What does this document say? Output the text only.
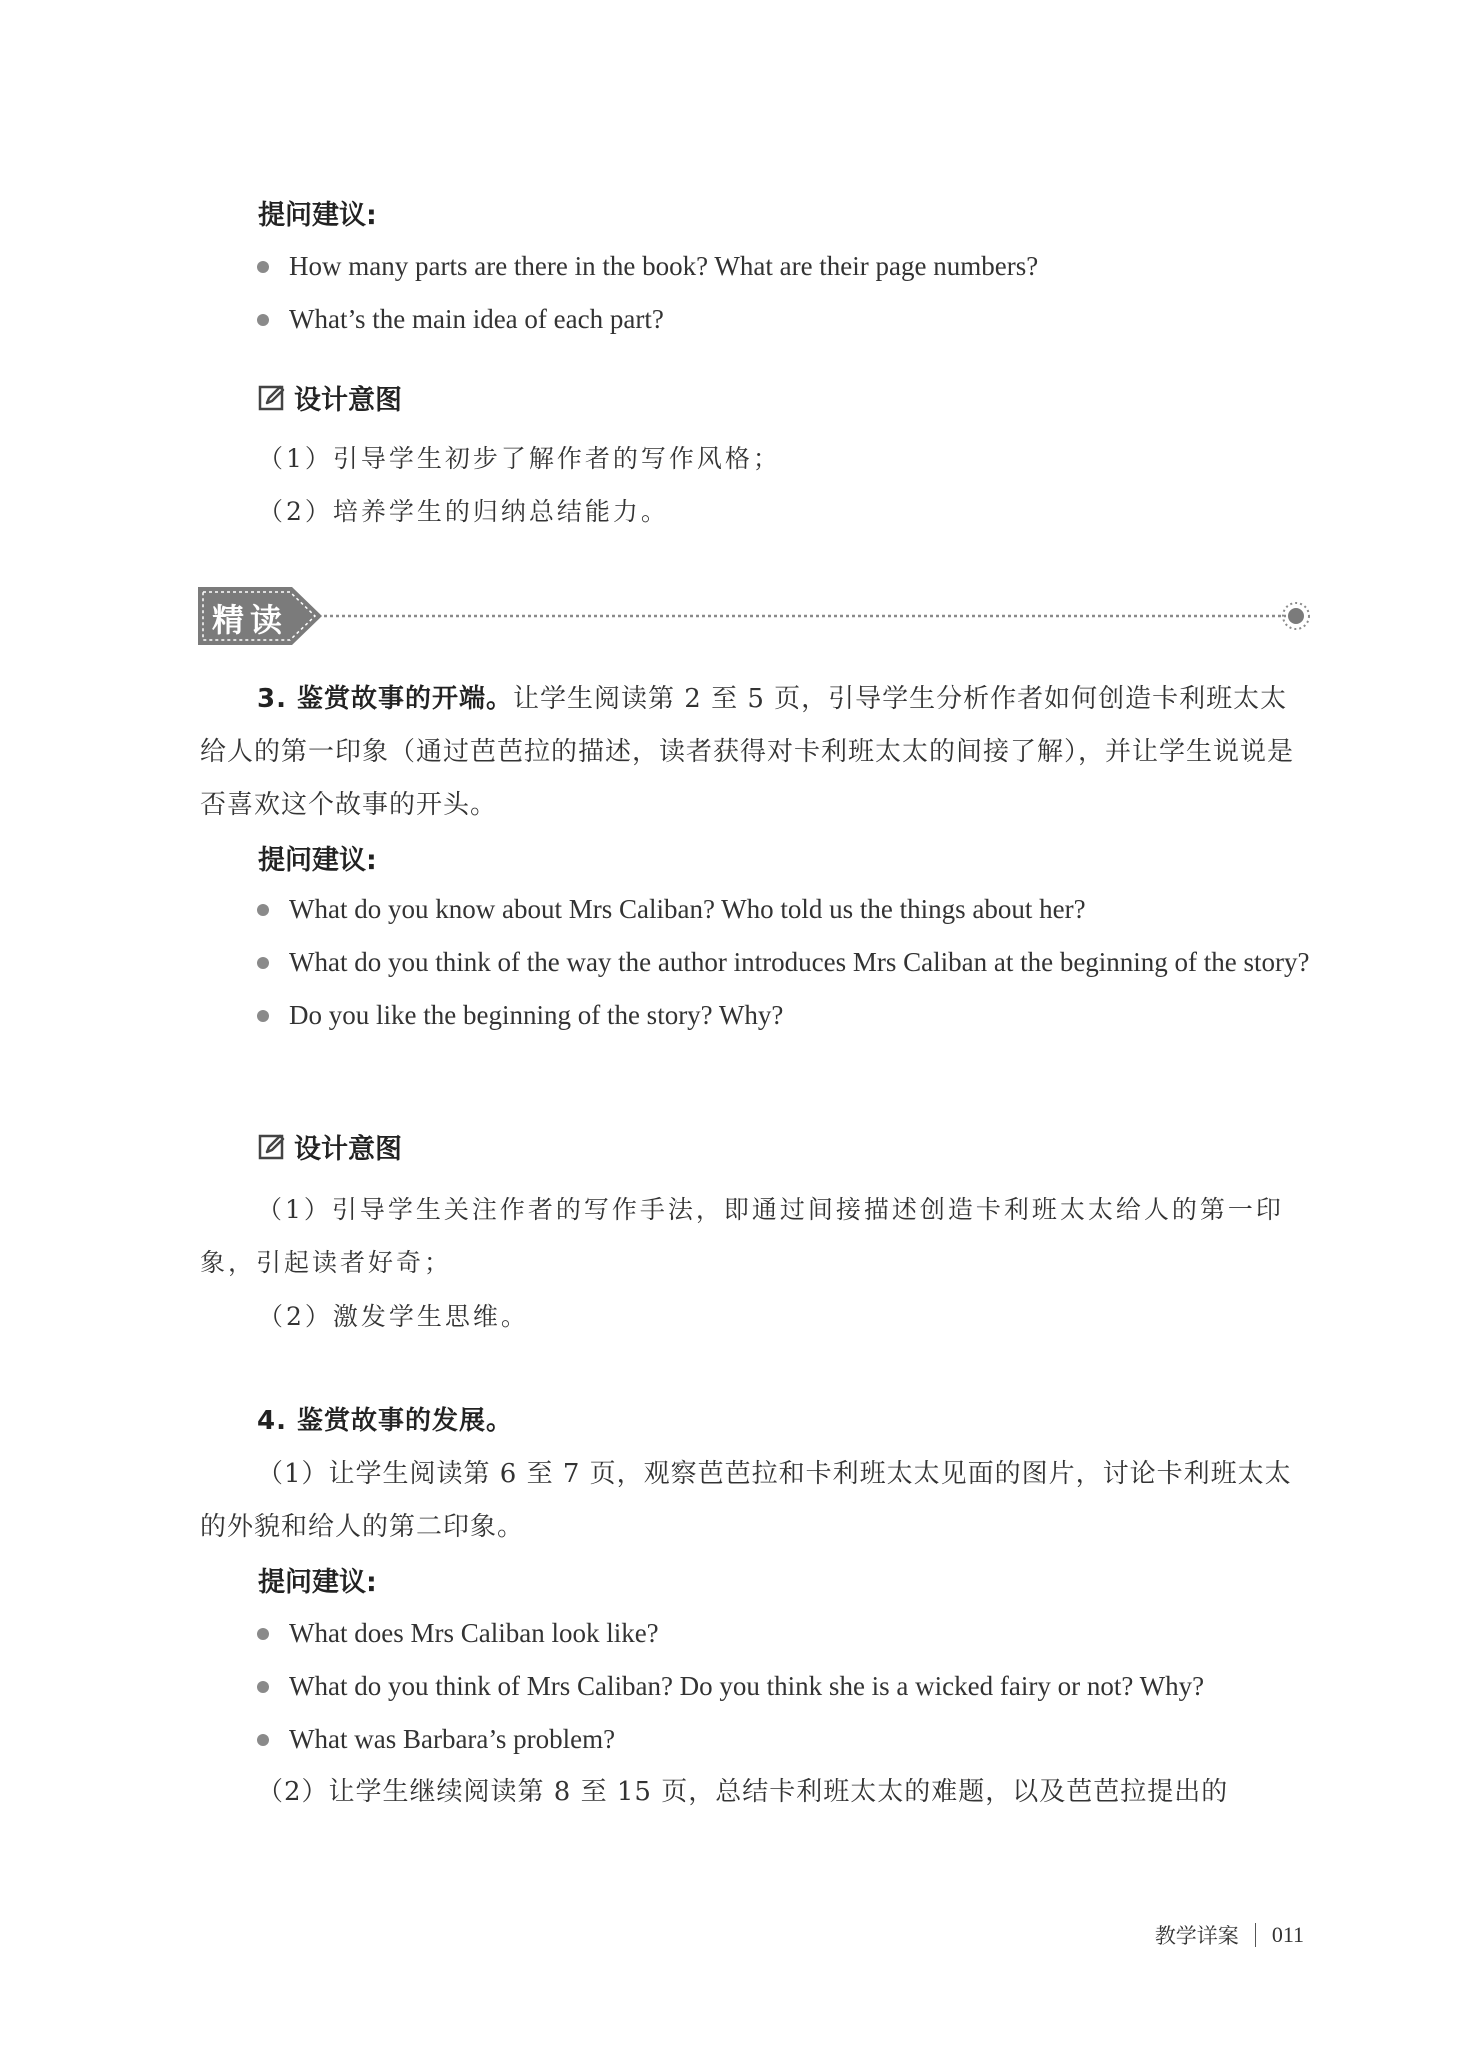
提问建议:
How many parts are there in the book? What are their page numbers?
What’s the main idea of each part?
设计意图
（1）引导学生初步了解作者的写作风格；
（2）培养学生的归纳总结能力。
精读
3. 鉴赏故事的开端。让学生阅读第 2 至 5 页，引导学生分析作者如何创造卡利班太太给人的第一印象（通过芭芭拉的描述，读者获得对卡利班太太的间接了解），并让学生说说是否喜欢这个故事的开头。
提问建议:
What do you know about Mrs Caliban? Who told us the things about her?
What do you think of the way the author introduces Mrs Caliban at the beginning of the story?
Do you like the beginning of the story? Why?
设计意图
（1）引导学生关注作者的写作手法，即通过间接描述创造卡利班太太给人的第一印象，引起读者好奇；
（2）激发学生思维。
4. 鉴赏故事的发展。
（1）让学生阅读第 6 至 7 页，观察芭芭拉和卡利班太太见面的图片，讨论卡利班太太的外貌和给人的第二印象。
提问建议:
What does Mrs Caliban look like?
What do you think of Mrs Caliban? Do you think she is a wicked fairy or not? Why?
What was Barbara’s problem?
（2）让学生继续阅读第 8 至 15 页，总结卡利班太太的难题，以及芭芭拉提出的
教学详案 011
